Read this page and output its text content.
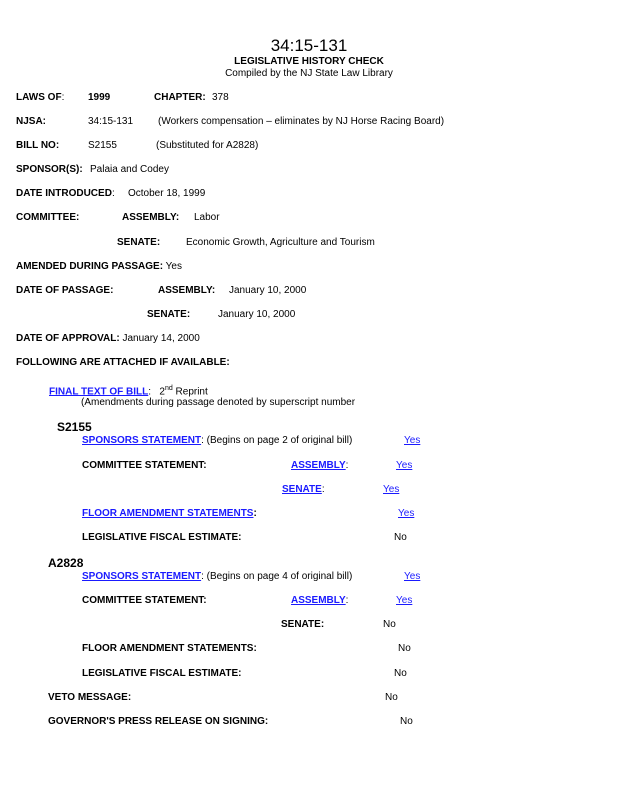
34:15-131
LEGISLATIVE HISTORY CHECK
Compiled by the NJ State Law Library
LAWS OF: 1999	CHAPTER: 378
NJSA:	34:15-131 (Workers compensation – eliminates by NJ Horse Racing Board)
BILL NO:	S2155	(Substituted for A2828)
SPONSOR(S): Palaia and Codey
DATE INTRODUCED: October 18, 1999
COMMITTEE:	ASSEMBLY: Labor
SENATE:	Economic Growth, Agriculture and Tourism
AMENDED DURING PASSAGE: Yes
DATE OF PASSAGE:	ASSEMBLY: January 10, 2000
SENATE:	January 10, 2000
DATE OF APPROVAL: January 14, 2000
FOLLOWING ARE ATTACHED IF AVAILABLE:
FINAL TEXT OF BILL: 2nd Reprint
(Amendments during passage denoted by superscript number
S2155
SPONSORS STATEMENT: (Begins on page 2 of original bill)	Yes
COMMITTEE STATEMENT:	ASSEMBLY:	Yes
SENATE:	Yes
FLOOR AMENDMENT STATEMENTS:	Yes
LEGISLATIVE FISCAL ESTIMATE:	No
A2828
SPONSORS STATEMENT: (Begins on page 4 of original bill)	Yes
COMMITTEE STATEMENT:	ASSEMBLY:	Yes
SENATE:	No
FLOOR AMENDMENT STATEMENTS:	No
LEGISLATIVE FISCAL ESTIMATE:	No
VETO MESSAGE:	No
GOVERNOR'S PRESS RELEASE ON SIGNING:	No
